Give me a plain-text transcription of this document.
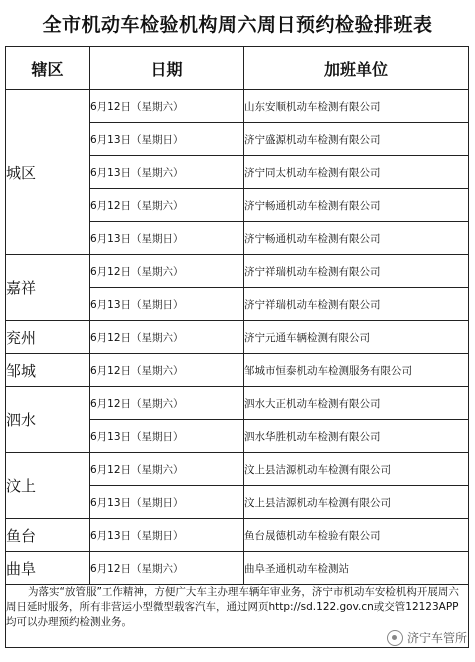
全市机动车检验机构周六周日预约检验排班表
辖区	日期	加班单位
城区	6月12日（星期六）	山东安顺机动车检测有限公司
	6月13日（星期日）	济宁盛源机动车检测有限公司
	6月13日（星期六）	济宁同太机动车检测有限公司
	6月12日（星期六）	济宁畅通机动车检测有限公司
	6月13日（星期日）	济宁畅通机动车检测有限公司
嘉祥	6月12日（星期六）	济宁祥瑞机动车检测有限公司
	6月13日（星期日）	济宁祥瑞机动车检测有限公司
兖州	6月12日（星期六）	济宁元通车辆检测有限公司
邹城	6月12日（星期六）	邹城市恒泰机动车检测服务有限公司
泗水	6月12日（星期六）	泗水大正机动车检测有限公司
	6月13日（星期日）	泗水华胜机动车检测有限公司
汶上	6月12日（星期六）	汶上县洁源机动车检测有限公司
	6月13日（星期日）	汶上县洁源机动车检测有限公司
鱼台	6月13日（星期日）	鱼台晟德机动车检验有限公司
曲阜	6月12日（星期六）	曲阜圣通机动车检测站
为落实“放管服”工作精神，方便广大车主办理车辆年审业务，济宁市机动车安检机构开展周六周日延时服务，所有非营运小型微型载客汽车，通过网页http://sd.122.gov.cn或交管12123APP均可以办理预约检测业务。		
济宁车管所
